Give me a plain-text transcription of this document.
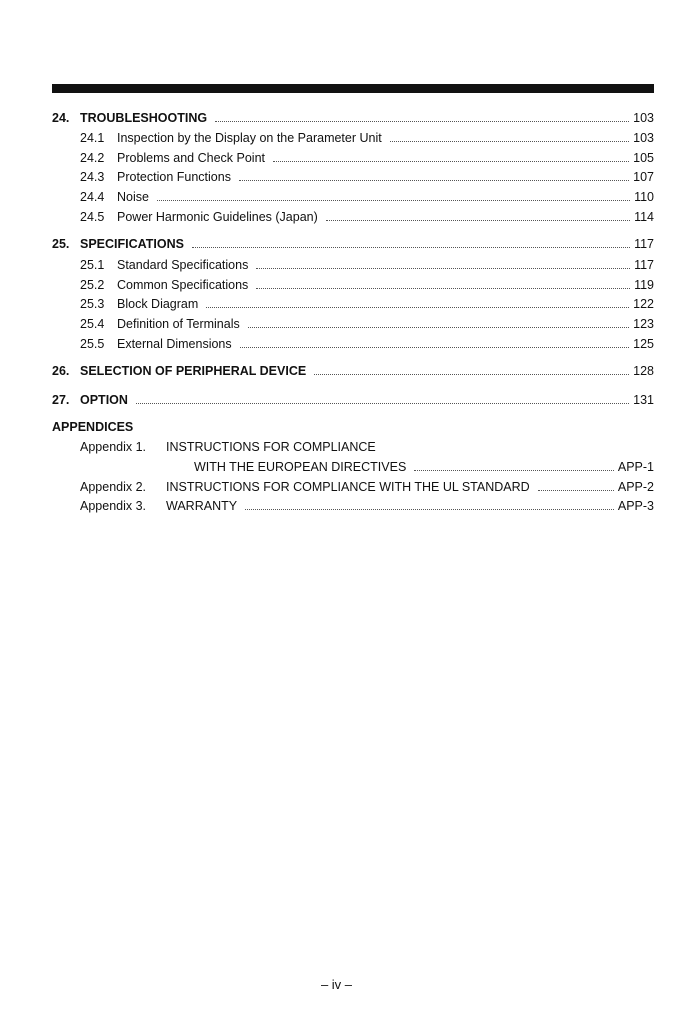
24. TROUBLESHOOTING	103
24.1	Inspection by the Display on the Parameter Unit	103
24.2	Problems and Check Point	105
24.3	Protection Functions	107
24.4	Noise	110
24.5	Power Harmonic Guidelines (Japan)	114
25. SPECIFICATIONS	117
25.1	Standard Specifications	117
25.2	Common Specifications	119
25.3	Block Diagram	122
25.4	Definition of Terminals	123
25.5	External Dimensions	125
26. SELECTION OF PERIPHERAL DEVICE	128
27. OPTION	131
APPENDICES
Appendix 1. INSTRUCTIONS FOR COMPLIANCE
WITH THE EUROPEAN DIRECTIVES	APP-1
Appendix 2.	INSTRUCTIONS FOR COMPLIANCE WITH THE UL STANDARD	APP-2
Appendix 3.	WARRANTY	APP-3
– iv –
